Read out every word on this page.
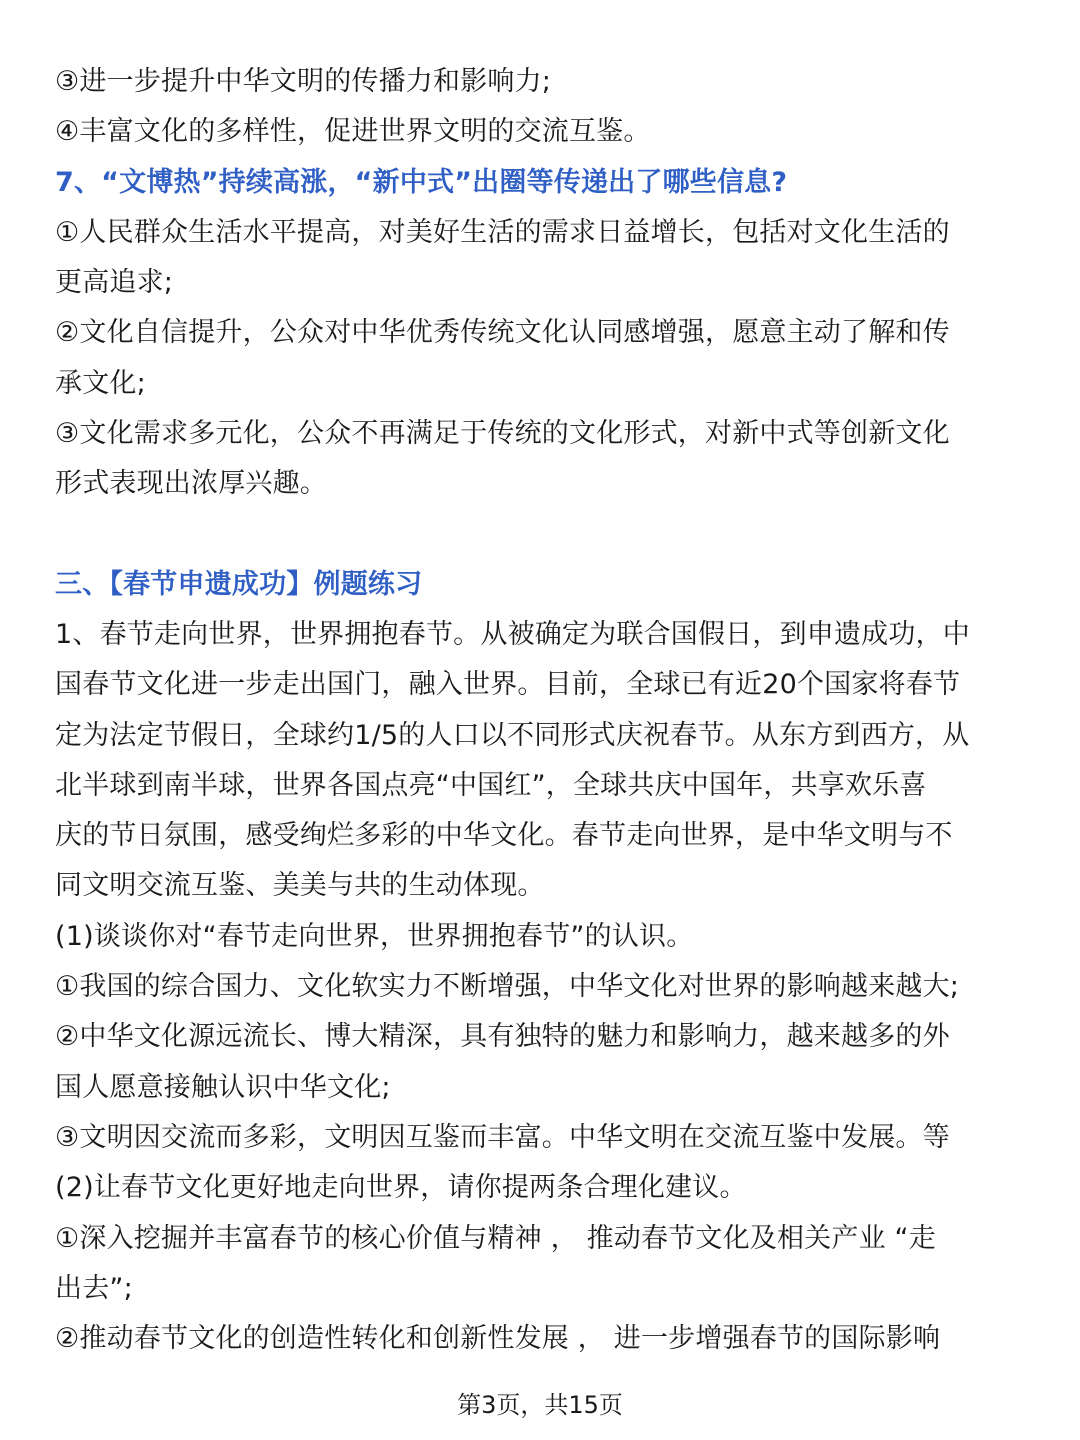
③进一步提升中华文明的传播力和影响力;
④丰富文化的多样性，促进世界文明的交流互鉴。
7、“文博热”持续高涨，“新中式”出圈等传递出了哪些信息?
①人民群众生活水平提高，对美好生活的需求日益增长，包括对文化生活的
更高追求;
②文化自信提升，公众对中华优秀传统文化认同感增强，愿意主动了解和传
承文化;
③文化需求多元化，公众不再满足于传统的文化形式，对新中式等创新文化
形式表现出浓厚兴趣。
三、【春节申遗成功】例题练习
1、春节走向世界，世界拥抱春节。从被确定为联合国假日，到申遗成功，中
国春节文化进一步走出国门，融入世界。目前，全球已有近20个国家将春节
定为法定节假日，全球约1/5的人口以不同形式庆祝春节。从东方到西方，从
北半球到南半球，世界各国点亮“中国红”，全球共庆中国年，共享欢乐喜
庆的节日氛围，感受绚烂多彩的中华文化。春节走向世界，是中华文明与不
同文明交流互鉴、美美与共的生动体现。
(1)谈谈你对“春节走向世界，世界拥抱春节”的认识。
①我国的综合国力、文化软实力不断增强，中华文化对世界的影响越来越大;
②中华文化源远流长、博大精深，具有独特的魅力和影响力，越来越多的外
国人愿意接触认识中华文化;
③文明因交流而多彩，文明因互鉴而丰富。中华文明在交流互鉴中发展。等
(2)让春节文化更好地走向世界，请你提两条合理化建议。
①深入挖掘并丰富春节的核心价值与精神 ， 推动春节文化及相关产业 “走
出去”;
②推动春节文化的创造性转化和创新性发展 ， 进一步增强春节的国际影响
第3页，共15页
